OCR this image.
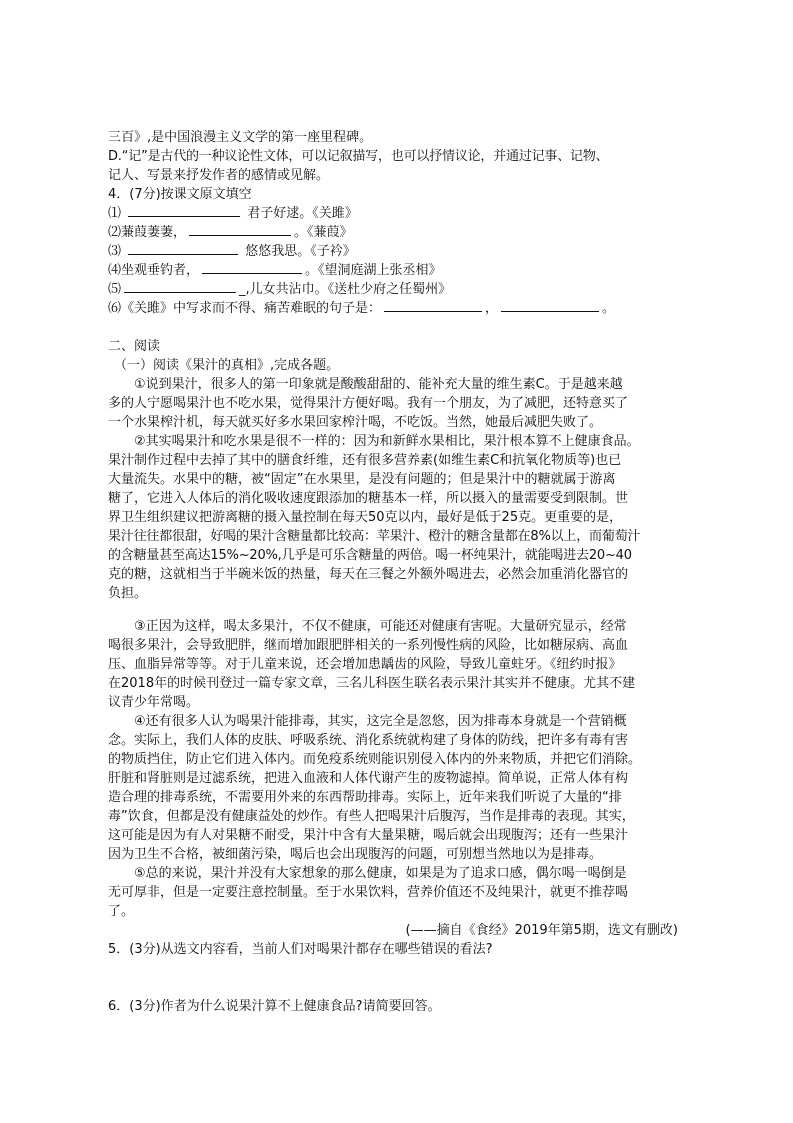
三百》,是中国浪漫主义文学的第一座里程碑。
D.“记”是古代的一种议论性文体，可以记叙描写，也可以抒情议论，并通过记事、记物、
记人、写景来抒发作者的感情或见解。
4．(7分)按课文原文填空
⑴	君子好逑。《关雎》
⑵蒹葭萋萋，	。《蒹葭》
⑶	悠悠我思。《子衿》
⑷坐观垂钓者，	。《望洞庭湖上张丞相》
⑸	_,儿女共沾巾。《送杜少府之任蜀州》
⑹《关雎》中写求而不得、痛苦难眠的句子是：	，	。
二、阅读
（一）阅读《果汁的真相》,完成各题。
①说到果汁，很多人的第一印象就是酸酸甜甜的、能补充大量的维生素C。于是越来越
多的人宁愿喝果汁也不吃水果，觉得果汁方便好喝。我有一个朋友，为了减肥，还特意买了
一个水果榨汁机，每天就买好多水果回家榨汁喝，不吃饭。当然，她最后减肥失败了。
②其实喝果汁和吃水果是很不一样的：因为和新鲜水果相比，果汁根本算不上健康食品。
果汁制作过程中去掉了其中的膳食纤维，还有很多营养素(如维生素C和抗氧化物质等)也已
大量流失。水果中的糖，被“固定”在水果里，是没有问题的；但是果汁中的糖就属于游离
糖了，它进入人体后的消化吸收速度跟添加的糖基本一样，所以摄入的量需要受到限制。世
界卫生组织建议把游离糖的摄入量控制在每天50克以内，最好是低于25克。更重要的是，
果汁往往都很甜，好喝的果汁含糖量都比较高：苹果汁、橙汁的糖含量都在8%以上，而葡萄汁
的含糖量甚至高达15%~20%,几乎是可乐含糖量的两倍。喝一杯纯果汁，就能喝进去20~40
克的糖，这就相当于半碗米饭的热量，每天在三餐之外额外喝进去，必然会加重消化器官的
负担。
③正因为这样，喝太多果汁，不仅不健康，可能还对健康有害呢。大量研究显示，经常
喝很多果汁，会导致肥胖，继而增加跟肥胖相关的一系列慢性病的风险，比如糖尿病、高血
压、血脂异常等等。对于儿童来说，还会增加患龋齿的风险，导致儿童蛀牙。《纽约时报》
在2018年的时候刊登过一篇专家文章，三名儿科医生联名表示果汁其实并不健康。尤其不建
议青少年常喝。
④还有很多人认为喝果汁能排毒，其实，这完全是忽悠，因为排毒本身就是一个营销概
念。实际上，我们人体的皮肤、呼吸系统、消化系统就构建了身体的防线，把许多有毒有害
的物质挡住，防止它们进入体内。而免疫系统则能识别侵入体内的外来物质，并把它们消除。
肝脏和肾脏则是过滤系统，把进入血液和人体代谢产生的废物滤掉。简单说，正常人体有构
造合理的排毒系统，不需要用外来的东西帮助排毒。实际上，近年来我们听说了大量的“排
毒”饮食，但都是没有健康益处的炒作。有些人把喝果汁后腹泻，当作是排毒的表现。其实，
这可能是因为有人对果糖不耐受，果汁中含有大量果糖，喝后就会出现腹泻；还有一些果汁
因为卫生不合格，被细菌污染，喝后也会出现腹泻的问题，可别想当然地以为是排毒。
⑤总的来说，果汁并没有大家想象的那么健康，如果是为了追求口感，偶尔喝一喝倒是
无可厚非，但是一定要注意控制量。至于水果饮料，营养价值还不及纯果汁，就更不推荐喝
了。
(——摘自《食经》2019年第5期，选文有删改)
5．(3分)从选文内容看，当前人们对喝果汁都存在哪些错误的看法?
6．(3分)作者为什么说果汁算不上健康食品?请简要回答。
